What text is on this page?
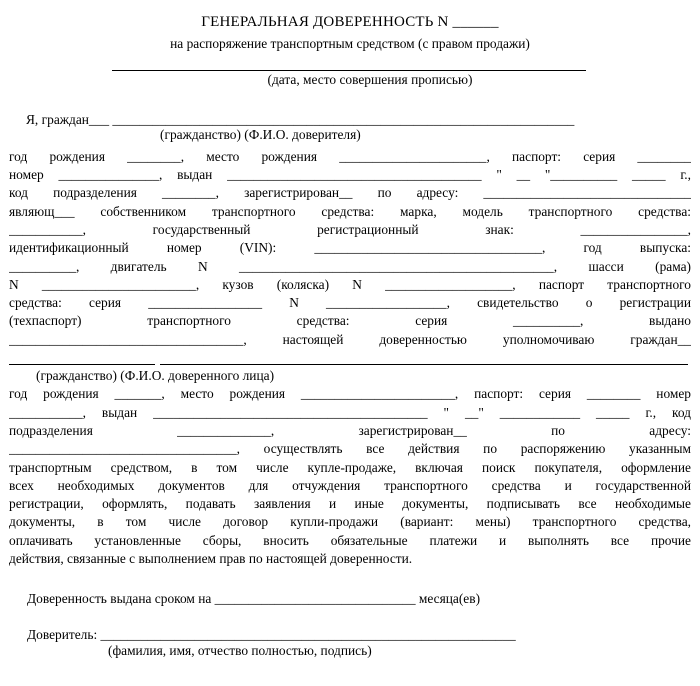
ГЕНЕРАЛЬНАЯ ДОВЕРЕННОСТЬ N ______
на распоряжение транспортным средством (с правом продажи)
(дата, место совершения прописью)
Я, граждан___ _____________________________________________________________________
(гражданство) (Ф.И.О. доверителя)
год рождения ________, место рождения ______________________, паспорт: серия ________
номер _______________, выдан ______________________________________ " __ "__________ _____ г.,
код подразделения ________, зарегистрирован__ по адресу: _______________________________
являющ___ собственником транспортного средства: марка, модель транспортного средства:
___________, государственный регистрационный знак: ________________,
идентификационный номер (VIN): __________________________________, год выпуска:
__________, двигатель N _______________________________________________, шасси (рама)
N _______________________, кузов (коляска) N ___________________, паспорт транспортного
средства: серия _________________ N __________________, свидетельство о регистрации
(техпаспорт) транспортного средства: серия __________, выдано
___________________________________, настоящей доверенностью уполномочиваю граждан__
(гражданство) (Ф.И.О. доверенного лица)
год рождения _______, место рождения _______________________, паспорт: серия ________ номер
___________, выдан _________________________________________ " __" ____________ _____ г., код
подразделения ______________, зарегистрирован__ по адресу:
__________________________________, осуществлять все действия по распоряжению указанным
транспортным средством, в том числе купле-продаже, включая поиск покупателя, оформление
всех необходимых документов для отчуждения транспортного средства и государственной
регистрации, оформлять, подавать заявления и иные документы, подписывать все необходимые
документы, в том числе договор купли-продажи (вариант: мены) транспортного средства,
оплачивать установленные сборы, вносить обязательные платежи и выполнять все прочие
действия, связанные с выполнением прав по настоящей доверенности.
Доверенность выдана сроком на ______________________________ месяца(ев)
Доверитель: ______________________________________________________________
(фамилия, имя, отчество полностью, подпись)
